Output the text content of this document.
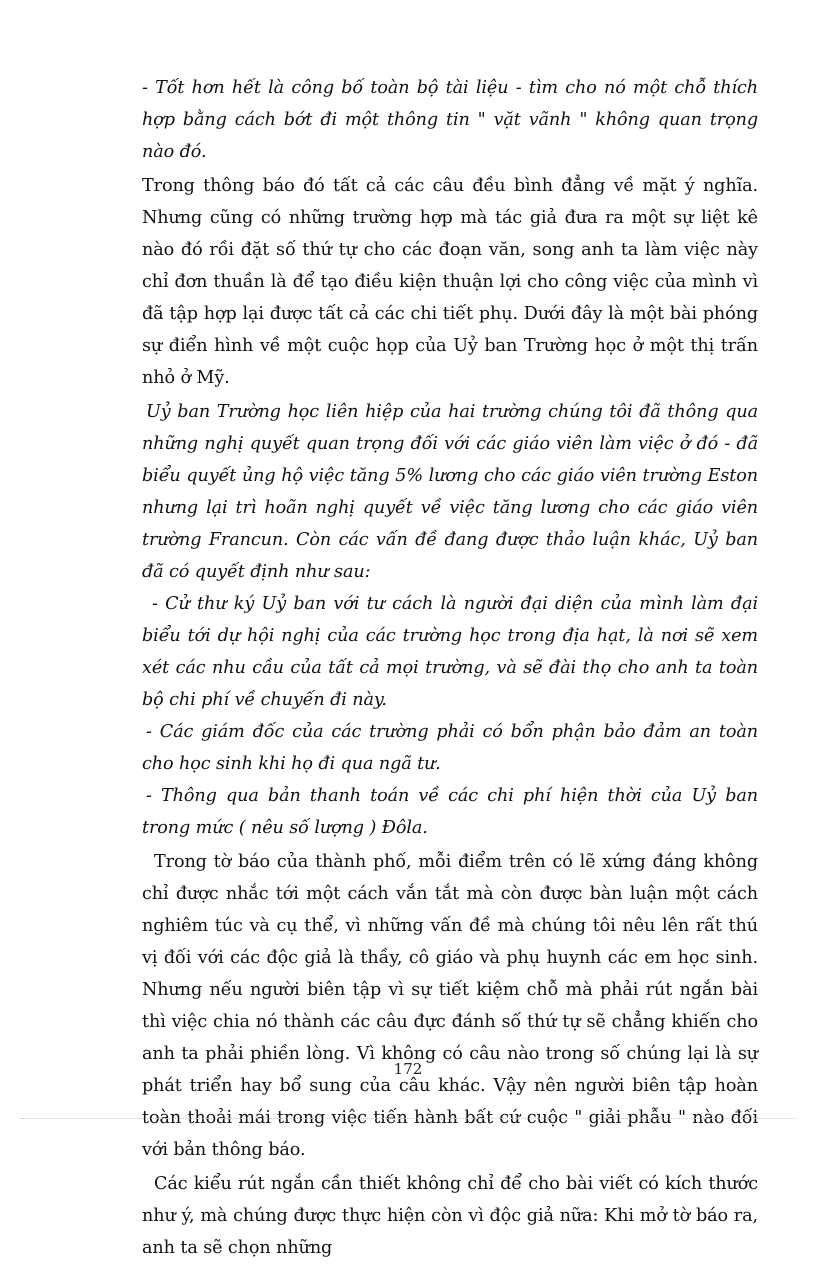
- Tốt hơn hết là công bố toàn bộ tài liệu - tìm cho nó một chỗ thích hợp bằng cách bớt đi một thông tin " vặt vãnh " không quan trọng nào đó.

Trong thông báo đó tất cả các câu đều bình đẳng về mặt ý nghĩa. Nhưng cũng có những trường hợp mà tác giả đưa ra một sự liệt kê nào đó rồi đặt số thứ tự cho các đoạn văn, song anh ta làm việc này chỉ đơn thuần là để tạo điều kiện thuận lợi cho công việc của mình vì đã tập hợp lại được tất cả các chi tiết phụ. Dưới đây là một bài phóng sự điển hình về một cuộc họp của Uỷ ban Trường học ở một thị trấn nhỏ ở Mỹ.

Uỷ ban Trường học liên hiệp của hai trường chúng tôi đã thông qua những nghị quyết quan trọng đối với các giáo viên làm việc ở đó - đã biểu quyết ủng hộ việc tăng 5% lương cho các giáo viên trường Eston nhưng lại trì hoãn nghị quyết về việc tăng lương cho các giáo viên trường Francun. Còn các vấn đề đang được thảo luận khác, Uỷ ban đã có quyết định như sau:

- Cử thư ký Uỷ ban với tư cách là người đại diện của mình làm đại biểu tới dự hội nghị của các trường học trong địa hạt, là nơi sẽ xem xét các nhu cầu của tất cả mọi trường, và sẽ đài thọ cho anh ta toàn bộ chi phí về chuyến đi này.

- Các giám đốc của các trường phải có bổn phận bảo đảm an toàn cho học sinh khi họ đi qua ngã tư.

- Thông qua bản thanh toán về các chi phí hiện thời của Uỷ ban trong mức ( nêu số lượng ) Đôla.

Trong tờ báo của thành phố, mỗi điểm trên có lẽ xứng đáng không chỉ được nhắc tới một cách vắn tắt mà còn được bàn luận một cách nghiêm túc và cụ thể, vì những vấn đề mà chúng tôi nêu lên rất thú vị đối với các độc giả là thầy, cô giáo và phụ huynh các em học sinh. Nhưng nếu người biên tập vì sự tiết kiệm chỗ mà phải rút ngắn bài thì việc chia nó thành các câu đực đánh số thứ tự sẽ chẳng khiến cho anh ta phải phiền lòng. Vì không có câu nào trong số chúng lại là sự phát triển hay bổ sung của câu khác. Vậy nên người biên tập hoàn toàn thoải mái trong việc tiến hành bất cứ cuộc " giải phẫu " nào đối với bản thông báo.

Các kiểu rút ngắn cần thiết không chỉ để cho bài viết có kích thước như ý, mà chúng được thực hiện còn vì độc giả nữa: Khi mở tờ báo ra, anh ta sẽ chọn những

172
